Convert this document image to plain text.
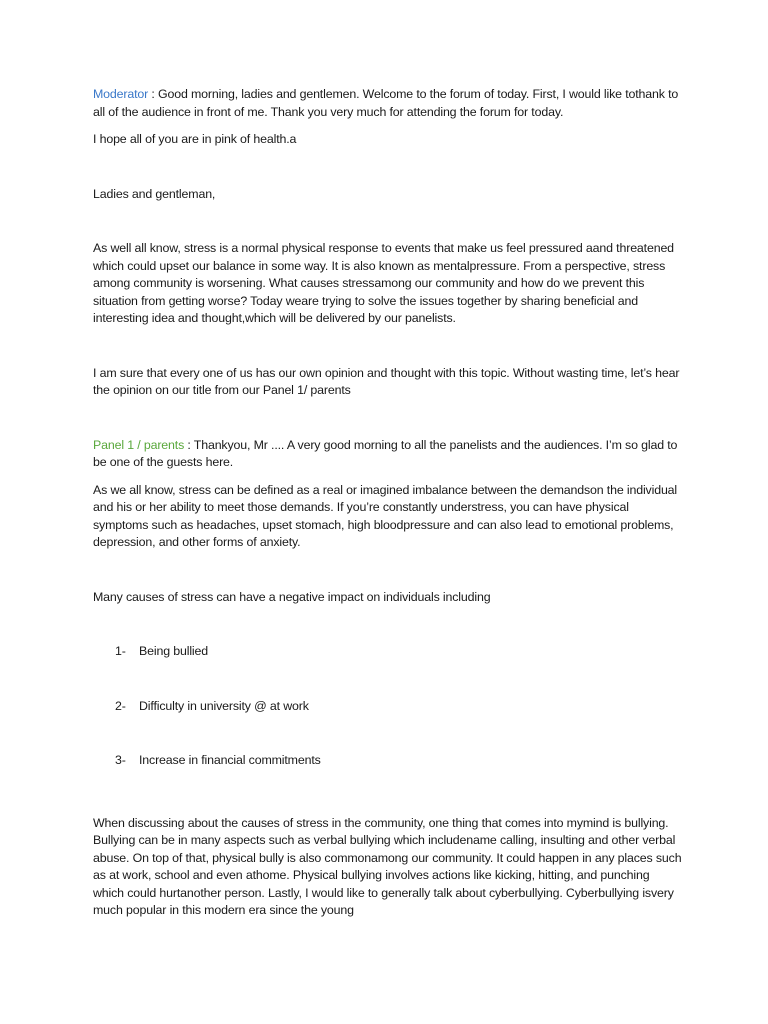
Moderator : Good morning, ladies and gentlemen. Welcome to the forum of today. First, I would like tothank to all of the audience in front of me. Thank you very much for attending the forum for today.

I hope all of you are in pink of health.a

Ladies and gentleman,

As well all know, stress is a normal physical response to events that make us feel pressured aand threatened which could upset our balance in some way. It is also known as mentalpressure. From a perspective, stress among community is worsening. What causes stressamong our community and how do we prevent this situation from getting worse? Today weare trying to solve the issues together by sharing beneficial and interesting idea and thought,which will be delivered by our panelists.

I am sure that every one of us has our own opinion and thought with this topic. Without wasting time, let’s hear the opinion on our title from our Panel 1/ parents

Panel 1 / parents : Thankyou, Mr .... A very good morning to all the panelists and the audiences. I’m so glad to be one of the guests here.

As we all know, stress can be defined as a real or imagined imbalance between the demandson the individual and his or her ability to meet those demands. If you’re constantly understress, you can have physical symptoms such as headaches, upset stomach, high bloodpressure and can also lead to emotional problems, depression, and other forms of anxiety.

Many causes of stress can have a negative impact on individuals including

1- Being bullied
2- Difficulty in university @ at work
3- Increase in financial commitments

When discussing about the causes of stress in the community, one thing that comes into mymind is bullying. Bullying can be in many aspects such as verbal bullying which includename calling, insulting and other verbal abuse. On top of that, physical bully is also commonamong our community. It could happen in any places such as at work, school and even athome. Physical bullying involves actions like kicking, hitting, and punching which could hurtanother person. Lastly, I would like to generally talk about cyberbullying. Cyberbullying isvery much popular in this modern era since the young
